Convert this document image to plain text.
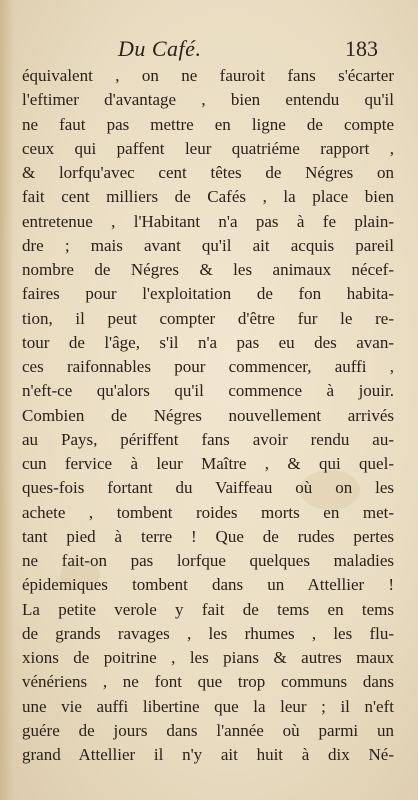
Du Café.	183
équivalent , on ne fauroit fans s'écarter
l'eftimer d'avantage , bien entendu qu'il
ne faut pas mettre en ligne de compte
ceux qui paffent leur quatriéme rapport ,
& lorfqu'avec cent têtes de Négres on
fait cent milliers de Cafés , la place bien
entretenue , l'Habitant n'a pas à fe plain-
dre ; mais avant qu'il ait acquis pareil
nombre de Négres & les animaux nécef-
faires pour l'exploitation de fon habita-
tion, il peut compter d'être fur le re-
tour de l'âge, s'il n'a pas eu des avan-
ces raifonnables pour commencer, auffi ,
n'eft-ce qu'alors qu'il commence à jouir.
Combien de Négres nouvellement arrivés
au Pays, périffent fans avoir rendu au-
cun fervice à leur Maître , & qui quel-
ques-fois fortant du Vaiffeau où on les
achete , tombent roides morts en met-
tant pied à terre ! Que de rudes pertes
ne fait-on pas lorfque quelques maladies
épidemiques tombent dans un Attellier !
La petite verole y fait de tems en tems
de grands ravages , les rhumes , les flu-
xions de poitrine , les pians & autres maux
vénériens , ne font que trop communs dans
une vie auffi libertine que la leur ; il n'eft
guére de jours dans l'année où parmi un
grand Attellier il n'y ait huit à dix Né-
